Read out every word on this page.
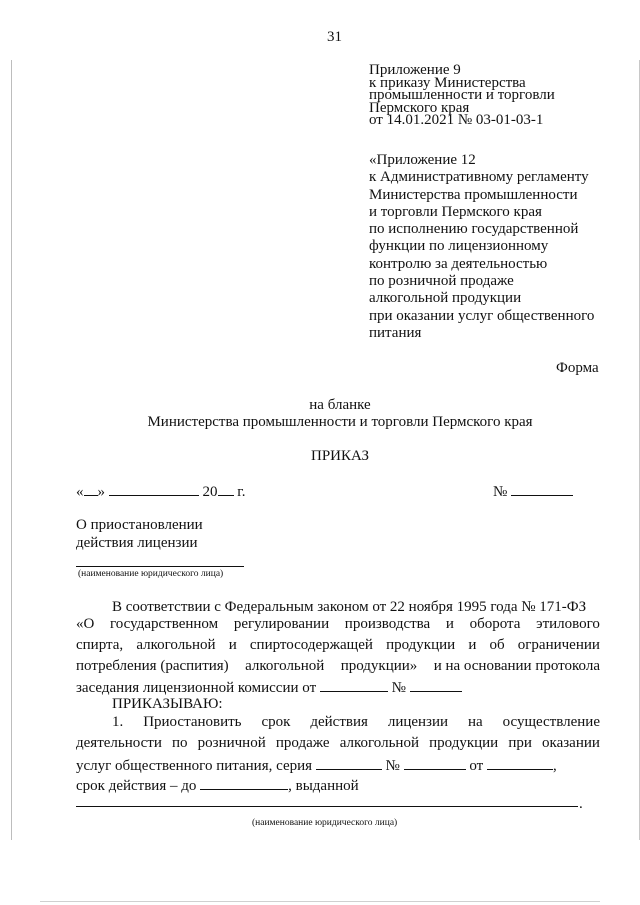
31
Приложение 9
к приказу Министерства
промышленности и торговли
Пермского края
от 14.01.2021 № 03-01-03-1
«Приложение 12
к Административному регламенту
Министерства промышленности
и торговли Пермского края
по исполнению государственной
функции по лицензионному
контролю за деятельностью
по розничной продаже
алкогольной продукции
при оказании услуг общественного
питания
Форма
на бланке
Министерства промышленности и торговли Пермского края
ПРИКАЗ
« »	20 г.	№
О приостановлении
действия лицензии
(наименование юридического лица)
В соответствии с Федеральным законом от 22 ноября 1995 года № 171-ФЗ
«О государственном регулировании производства и оборота этилового
спирта, алкогольной и спиртосодержащей продукции и об ограничении
потребления (распития) алкогольной продукции» и на основании протокола
заседания лицензионной комиссии от	№
ПРИКАЗЫВАЮ:
1. Приостановить срок действия лицензии на осуществление
деятельности по розничной продаже алкогольной продукции при оказании
услуг общественного питания, серия	№	от	,
срок действия – до	, выданной
.
(наименование юридического лица)
